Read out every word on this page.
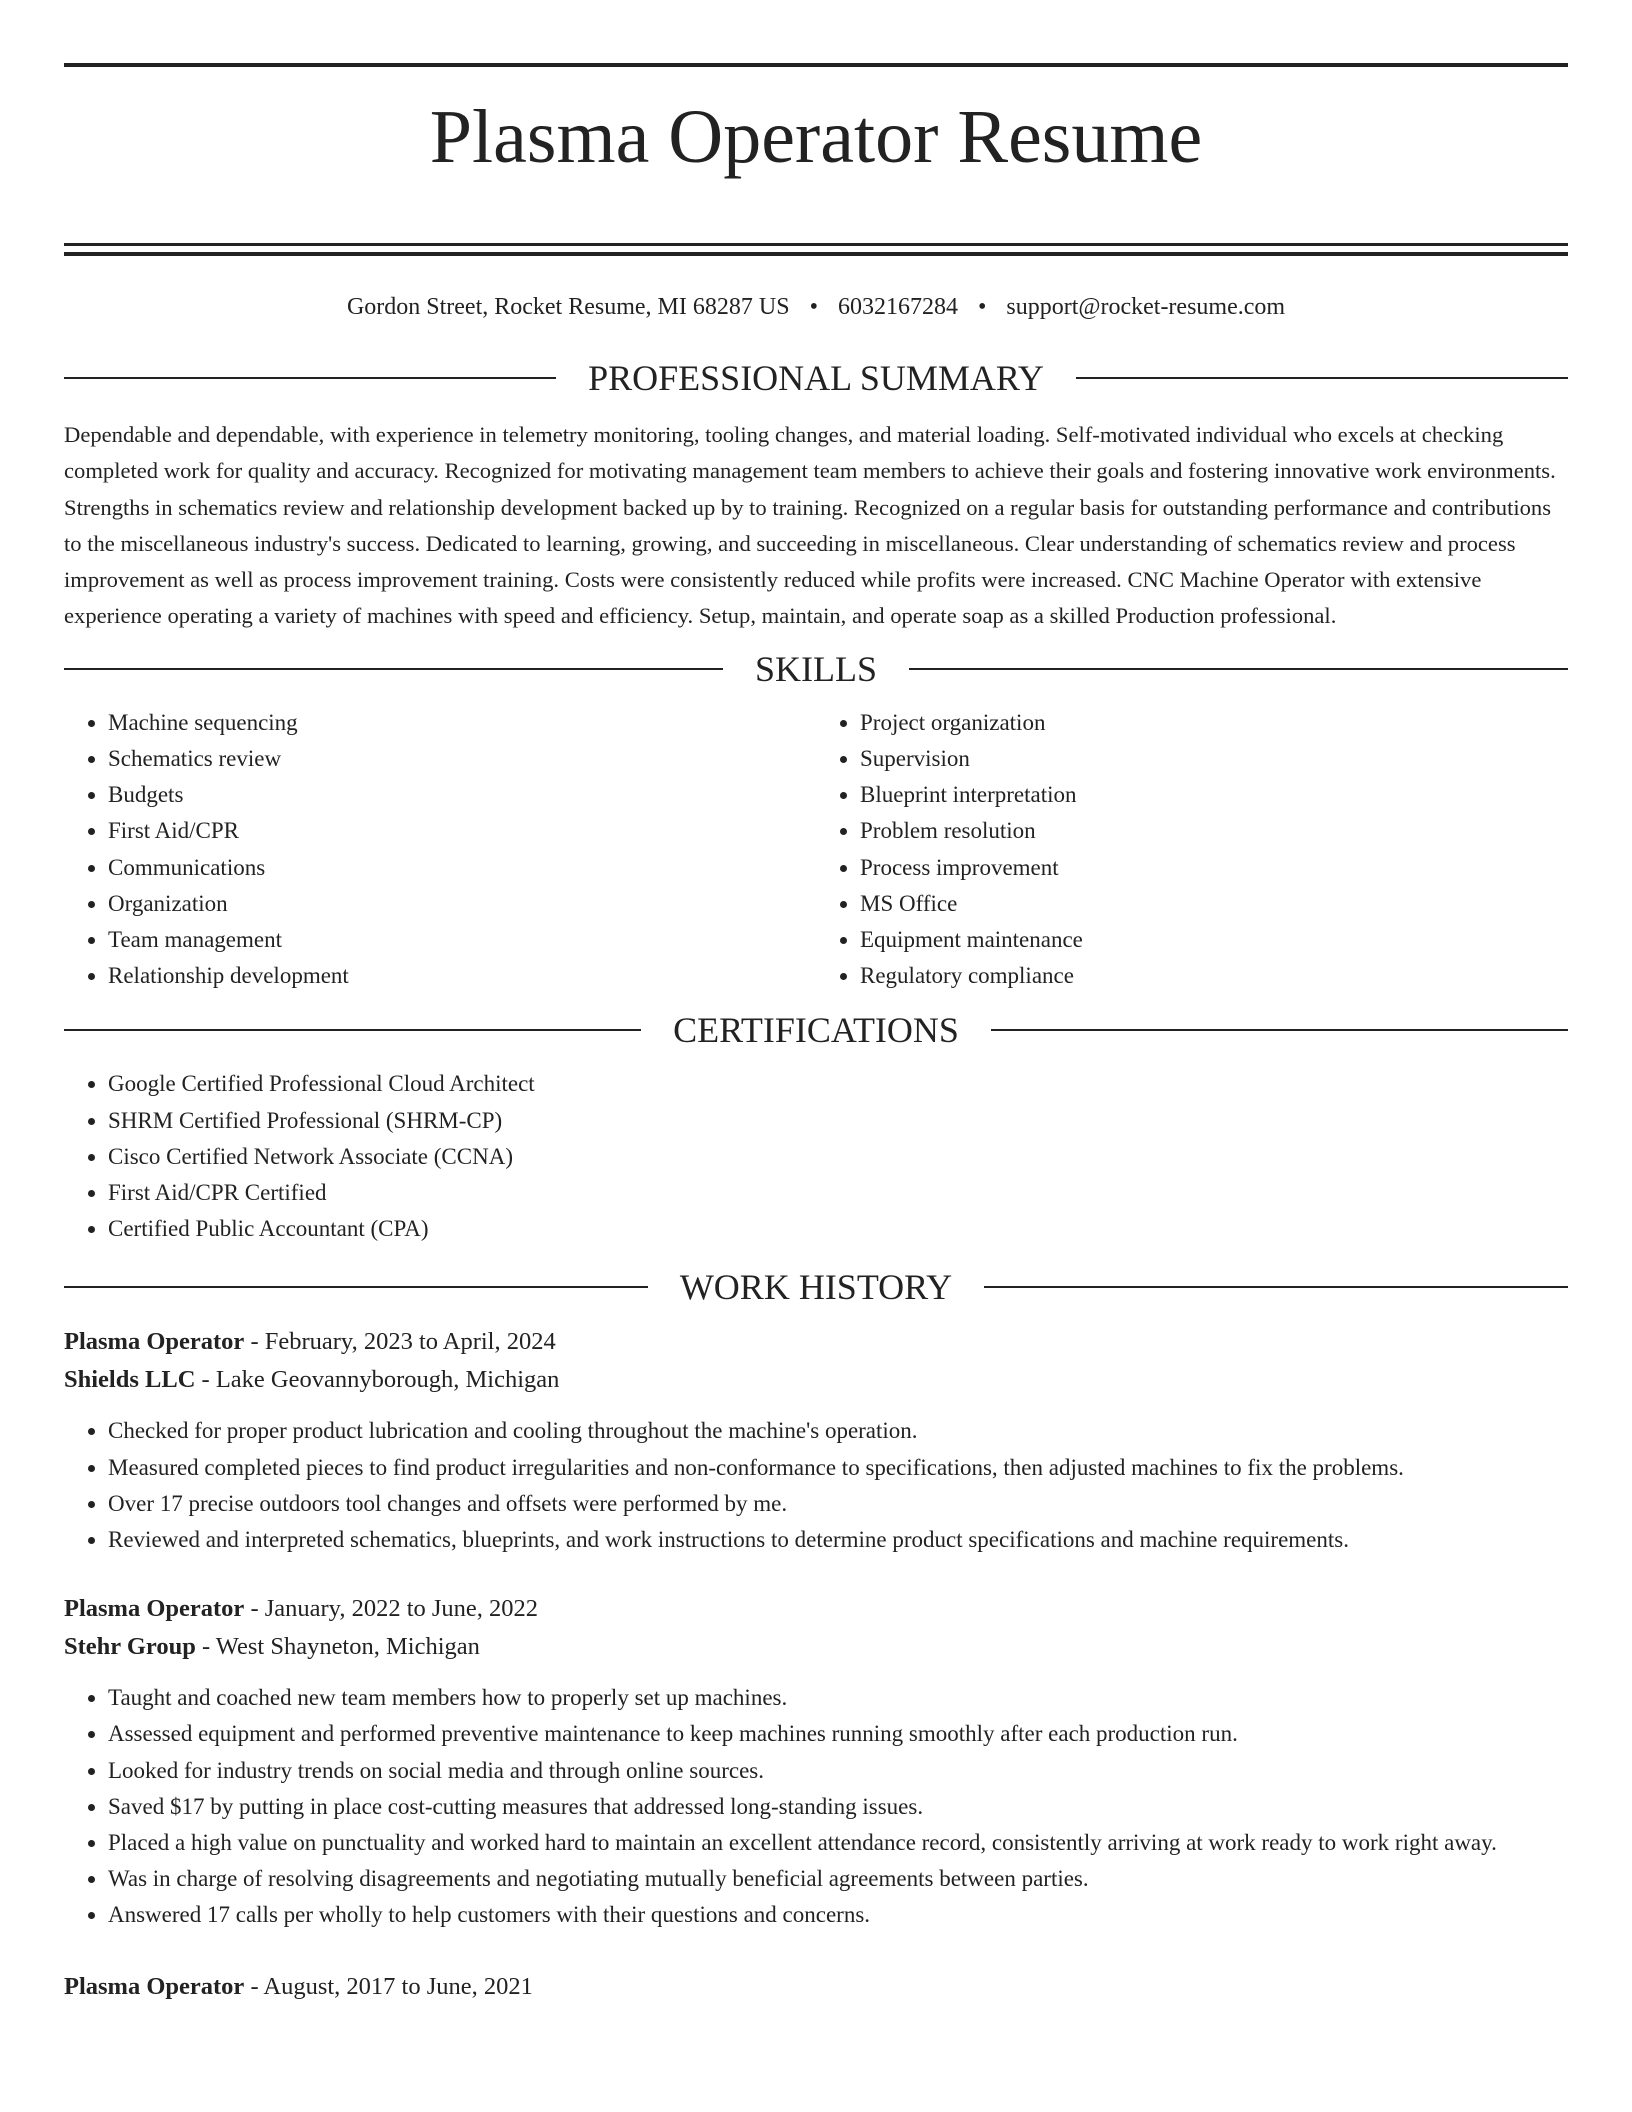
Plasma Operator Resume
Gordon Street, Rocket Resume, MI 68287 US • 6032167284 • support@rocket-resume.com
PROFESSIONAL SUMMARY

Dependable and dependable, with experience in telemetry monitoring, tooling changes, and material loading. Self-motivated individual who excels at checking completed work for quality and accuracy. Recognized for motivating management team members to achieve their goals and fostering innovative work environments. Strengths in schematics review and relationship development backed up by to training. Recognized on a regular basis for outstanding performance and contributions to the miscellaneous industry's success. Dedicated to learning, growing, and succeeding in miscellaneous. Clear understanding of schematics review and process improvement as well as process improvement training. Costs were consistently reduced while profits were increased. CNC Machine Operator with extensive experience operating a variety of machines with speed and efficiency. Setup, maintain, and operate soap as a skilled Production professional.

SKILLS
• Machine sequencing
• Schematics review
• Budgets
• First Aid/CPR
• Communications
• Organization
• Team management
• Relationship development
• Project organization
• Supervision
• Blueprint interpretation
• Problem resolution
• Process improvement
• MS Office
• Equipment maintenance
• Regulatory compliance
CERTIFICATIONS
• Google Certified Professional Cloud Architect
• SHRM Certified Professional (SHRM-CP)
• Cisco Certified Network Associate (CCNA)
• First Aid/CPR Certified
• Certified Public Accountant (CPA)
WORK HISTORY

Plasma Operator - February, 2023 to April, 2024

Shields LLC - Lake Geovannyborough, Michigan

• Checked for proper product lubrication and cooling throughout the machine's operation.
• Measured completed pieces to find product irregularities and non-conformance to specifications, then adjusted machines to fix the problems.
• Over 17 precise outdoors tool changes and offsets were performed by me.
• Reviewed and interpreted schematics, blueprints, and work instructions to determine product specifications and machine requirements.

Plasma Operator - January, 2022 to June, 2022

Stehr Group - West Shayneton, Michigan

• Taught and coached new team members how to properly set up machines.
• Assessed equipment and performed preventive maintenance to keep machines running smoothly after each production run.
• Looked for industry trends on social media and through online sources.
• Saved $17 by putting in place cost-cutting measures that addressed long-standing issues.
• Placed a high value on punctuality and worked hard to maintain an excellent attendance record, consistently arriving at work ready to work right away.
• Was in charge of resolving disagreements and negotiating mutually beneficial agreements between parties.
• Answered 17 calls per wholly to help customers with their questions and concerns.

Plasma Operator - August, 2017 to June, 2021
